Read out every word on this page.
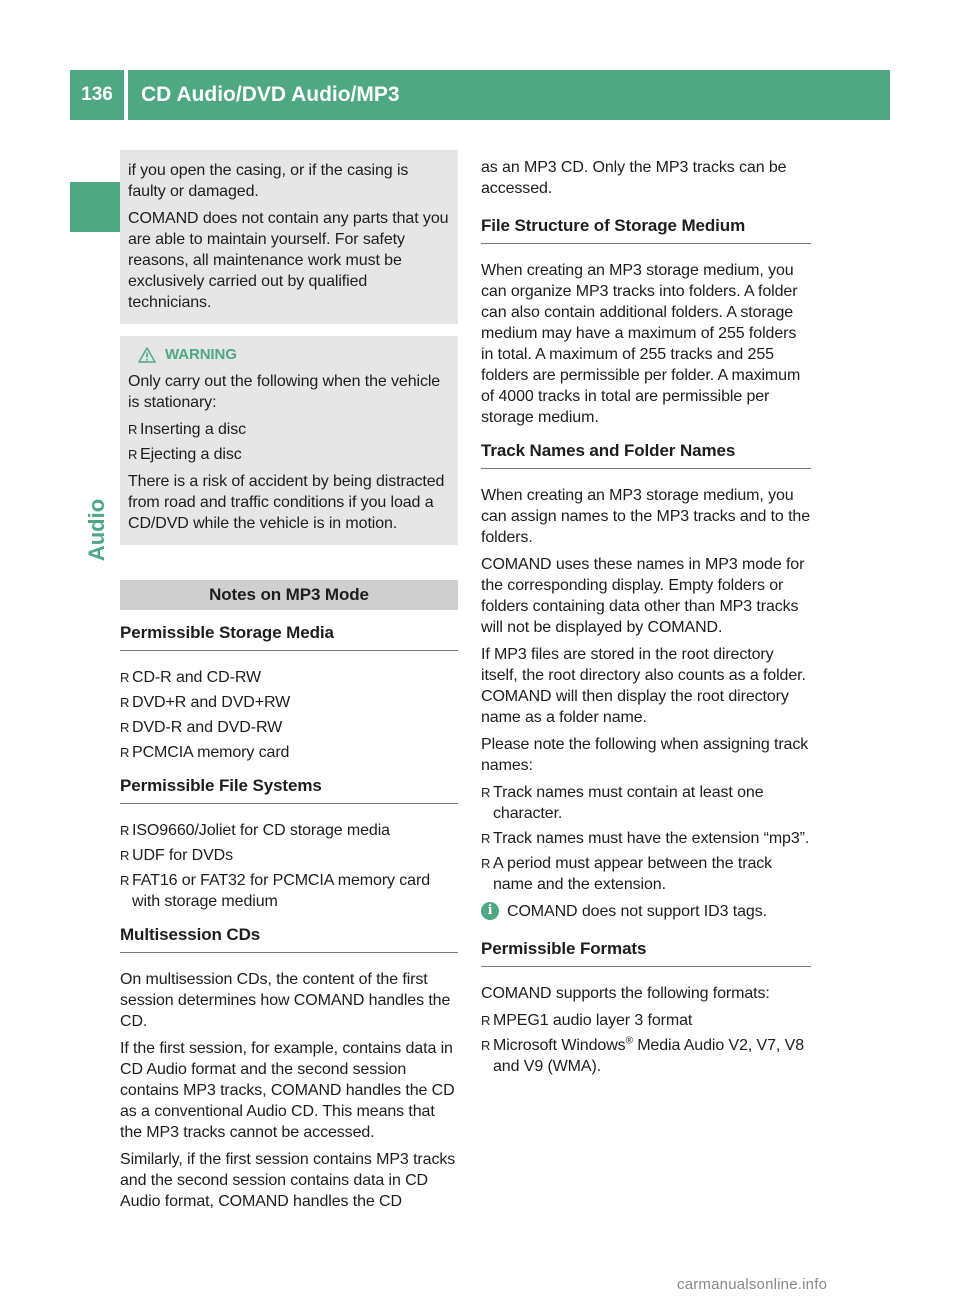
136	CD Audio/DVD Audio/MP3
Audio

if you open the casing, or if the casing is faulty or damaged.

COMAND does not contain any parts that you are able to maintain yourself. For safety reasons, all maintenance work must be exclusively carried out by qualified technicians.

WARNING

Only carry out the following when the vehicle is stationary:

R Inserting a disc
R Ejecting a disc

There is a risk of accident by being distracted from road and traffic conditions if you load a CD/DVD while the vehicle is in motion.

Notes on MP3 Mode
Permissible Storage Media
R CD-R and CD-RW
R DVD+R and DVD+RW
R DVD-R and DVD-RW
R PCMCIA memory card
Permissible File Systems
R ISO9660/Joliet for CD storage media
R UDF for DVDs
R FAT16 or FAT32 for PCMCIA memory card with storage medium
Multisession CDs

On multisession CDs, the content of the first session determines how COMAND handles the CD.

If the first session, for example, contains data in CD Audio format and the second session contains MP3 tracks, COMAND handles the CD as a conventional Audio CD. This means that the MP3 tracks cannot be accessed.

Similarly, if the first session contains MP3 tracks and the second session contains data in CD Audio format, COMAND handles the CD

as an MP3 CD. Only the MP3 tracks can be accessed.

File Structure of Storage Medium

When creating an MP3 storage medium, you can organize MP3 tracks into folders. A folder can also contain additional folders. A storage medium may have a maximum of 255 folders in total. A maximum of 255 tracks and 255 folders are permissible per folder. A maximum of 4000 tracks in total are permissible per storage medium.

Track Names and Folder Names

When creating an MP3 storage medium, you can assign names to the MP3 tracks and to the folders.

COMAND uses these names in MP3 mode for the corresponding display. Empty folders or folders containing data other than MP3 tracks will not be displayed by COMAND.

If MP3 files are stored in the root directory itself, the root directory also counts as a folder. COMAND will then display the root directory name as a folder name.

Please note the following when assigning track names:

R Track names must contain at least one character.
R Track names must have the extension “mp3”.
R A period must appear between the track name and the extension.
i COMAND does not support ID3 tags.
Permissible Formats

COMAND supports the following formats:

R MPEG1 audio layer 3 format
R Microsoft Windows® Media Audio V2, V7, V8 and V9 (WMA).
carmanualsonline.info
